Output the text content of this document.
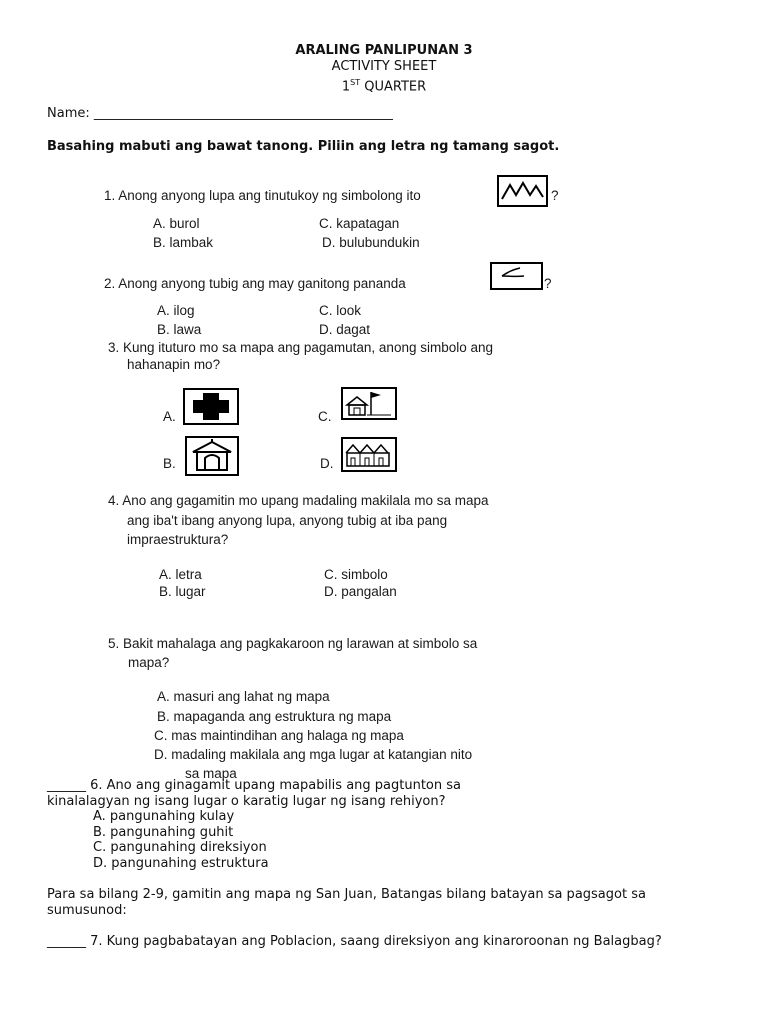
ARALING PANLIPUNAN 3
ACTIVITY SHEET
1ST QUARTER
Name: ______________________________________________
Basahing mabuti ang bawat tanong. Piliin ang letra ng tamang sagot.
1. Anong anyong lupa ang tinutukoy ng simbolong ito	?
A. burol	C. kapatagan
B. lambak	D. bulubundukin
2. Anong anyong tubig ang may ganitong pananda	?
A. ilog	C. look
B. lawa	D. dagat
3. Kung ituturo mo sa mapa ang pagamutan, anong simbolo ang
hahanapin mo?
A.	C.
B.	D.
4. Ano ang gagamitin mo upang madaling makilala mo sa mapa
ang iba't ibang anyong lupa, anyong tubig at iba pang
impraestruktura?
A. letra	C. simbolo
B. lugar	D. pangalan
5. Bakit mahalaga ang pagkakaroon ng larawan at simbolo sa
mapa?
A. masuri ang lahat ng mapa
B. mapaganda ang estruktura ng mapa
C. mas maintindihan ang halaga ng mapa
D. madaling makilala ang mga lugar at katangian nito
sa mapa
______ 6. Ano ang ginagamit upang mapabilis ang pagtunton sa
kinalalagyan ng isang lugar o karatig lugar ng isang rehiyon?
A. pangunahing kulay
B. pangunahing guhit
C. pangunahing direksiyon
D. pangunahing estruktura
Para sa bilang 2-9, gamitin ang mapa ng San Juan, Batangas bilang batayan sa pagsagot sa
sumusunod:
______ 7. Kung pagbabatayan ang Poblacion, saang direksiyon ang kinaroroonan ng Balagbag?
